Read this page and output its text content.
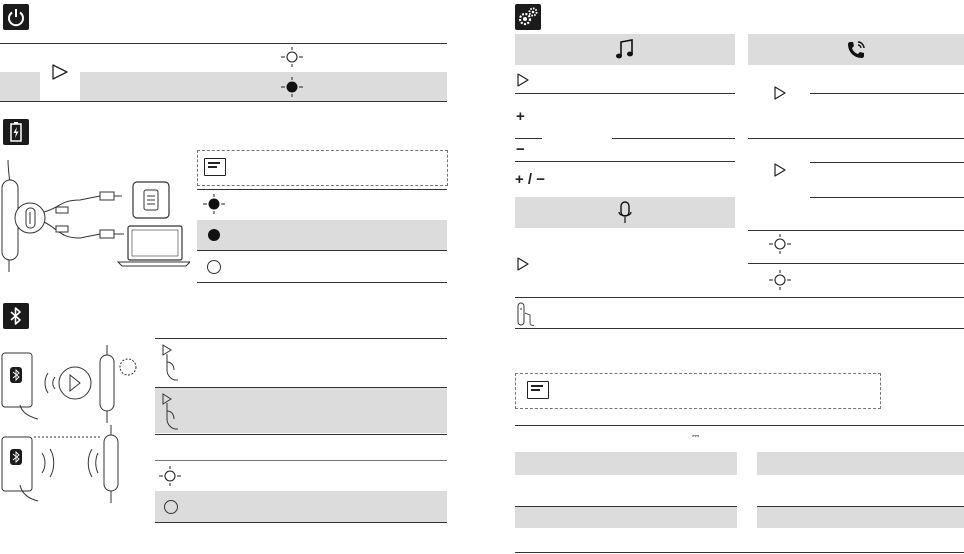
+
−
+ / −
⎓
